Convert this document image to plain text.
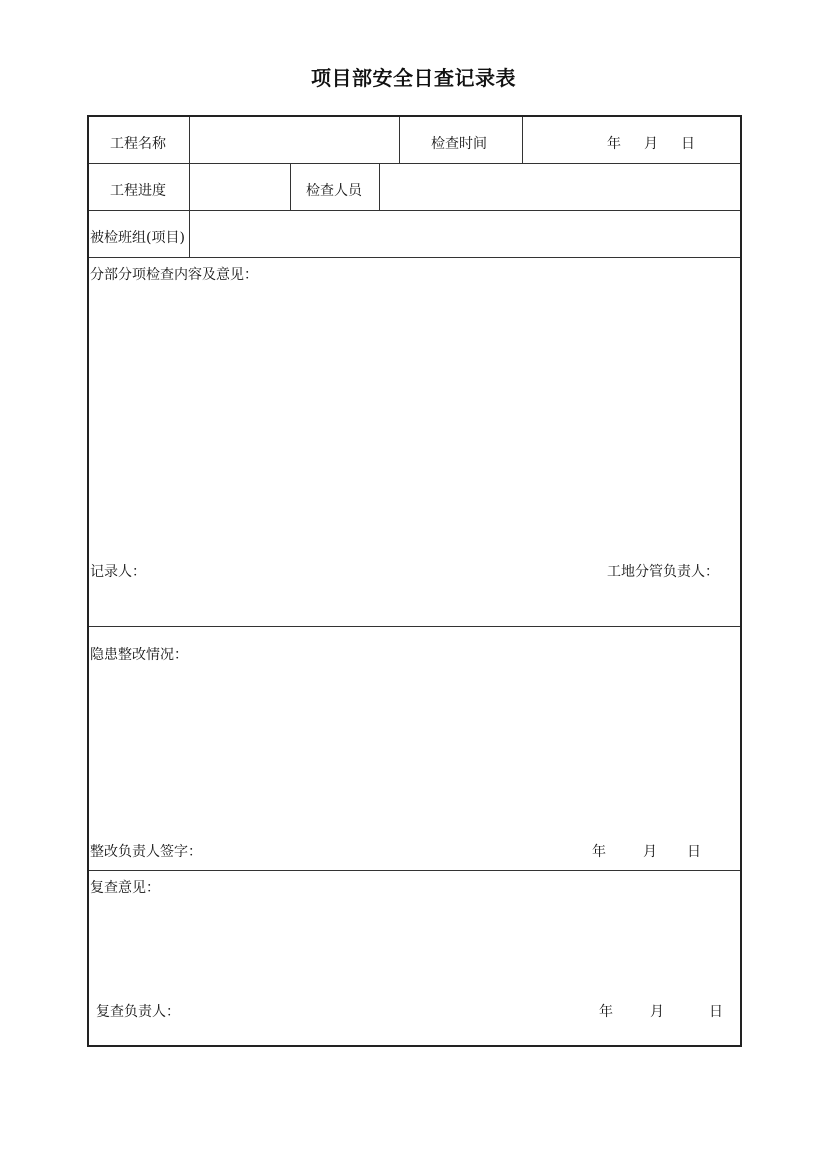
项目部安全日查记录表
工程名称	检查时间	年 月 日
工程进度	检查人员
被检班组(项目)
分部分项检查内容及意见：
记录人：	工地分管负责人：
隐患整改情况：
整改负责人签字：	年	月 日
复查意见：
复查负责人：	年	月	日
